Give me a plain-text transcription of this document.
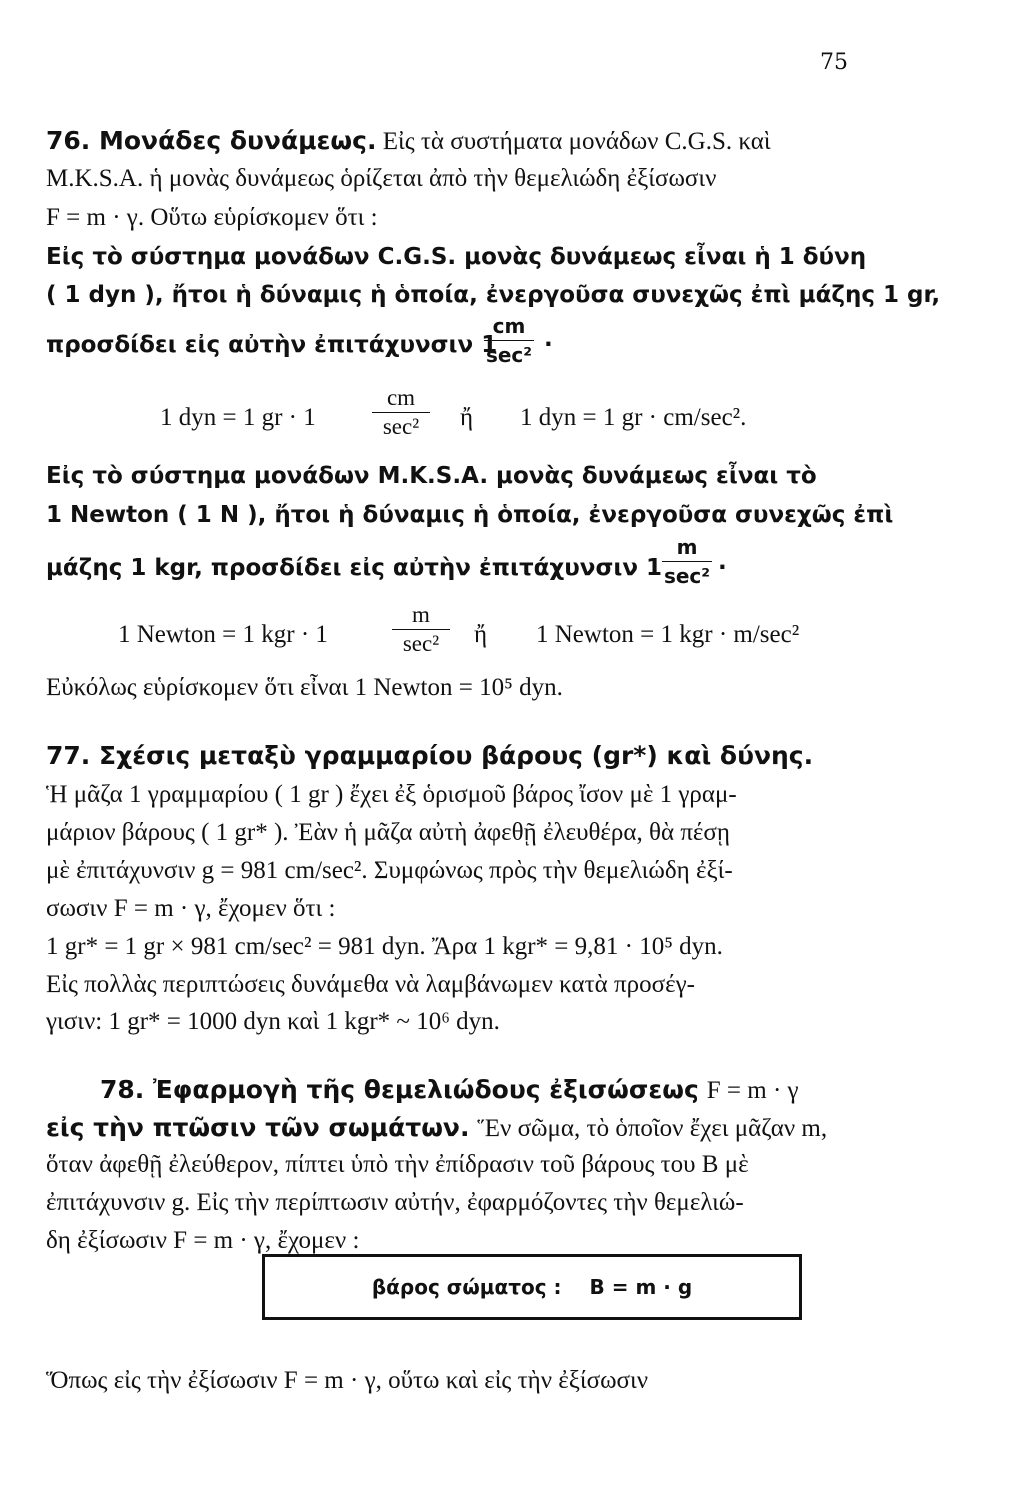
75
76. Μονάδες δυνάμεως. Εἰς τὰ συστήματα μονάδων C.G.S. καὶ
M.K.S.A. ἡ μονὰς δυνάμεως ὁρίζεται ἀπὸ τὴν θεμελιώδη ἐξίσωσιν
F = m · γ. Οὕτω εὑρίσκομεν ὅτι :
Εἰς τὸ σύστημα μονάδων C.G.S. μονὰς δυνάμεως εἶναι ἡ 1 δύνη
( 1 dyn ), ἤτοι ἡ δύναμις ἡ ὁποία, ἐνεργοῦσα συνεχῶς ἐπὶ μάζης 1 gr,
προσδίδει εἰς αὐτὴν ἐπιτάχυνσιν 1
cm
sec² ·
1 dyn = 1 gr · 1
cm
sec²	ἤ	1 dyn = 1 gr · cm/sec².
Εἰς τὸ σύστημα μονάδων M.K.S.A. μονὰς δυνάμεως εἶναι τὸ
1 Newton ( 1 N ), ἤτοι ἡ δύναμις ἡ ὁποία, ἐνεργοῦσα συνεχῶς ἐπὶ
μάζης 1 kgr, προσδίδει εἰς αὐτὴν ἐπιτάχυνσιν 1
m
sec² ·
1 Newton = 1 kgr · 1
m
sec²	ἤ	1 Newton = 1 kgr · m/sec²
Εὐκόλως εὑρίσκομεν ὅτι εἶναι 1 Newton = 10⁵ dyn.
77. Σχέσις μεταξὺ γραμμαρίου βάρους (gr*) καὶ δύνης.
Ἡ μᾶζα 1 γραμμαρίου ( 1 gr ) ἔχει ἐξ ὁρισμοῦ βάρος ἴσον μὲ 1 γραμ-
μάριον βάρους ( 1 gr* ). Ἐὰν ἡ μᾶζα αὐτὴ ἀφεθῇ ἐλευθέρα, θὰ πέσῃ
μὲ ἐπιτάχυνσιν g = 981 cm/sec². Συμφώνως πρὸς τὴν θεμελιώδη ἐξί-
σωσιν F = m · γ, ἔχομεν ὅτι :
1 gr* = 1 gr × 981 cm/sec² = 981 dyn. Ἄρα 1 kgr* = 9,81 · 10⁵ dyn.
Εἰς πολλὰς περιπτώσεις δυνάμεθα νὰ λαμβάνωμεν κατὰ προσέγ-
γισιν: 1 gr* = 1000 dyn καὶ 1 kgr* ~ 10⁶ dyn.
78. Ἐφαρμογὴ τῆς θεμελιώδους ἐξισώσεως F = m · γ
εἰς τὴν πτῶσιν τῶν σωμάτων. Ἕν σῶμα, τὸ ὁποῖον ἔχει μᾶζαν m,
ὅταν ἀφεθῇ ἐλεύθερον, πίπτει ὑπὸ τὴν ἐπίδρασιν τοῦ βάρους του B μὲ
ἐπιτάχυνσιν g. Εἰς τὴν περίπτωσιν αὐτήν, ἐφαρμόζοντες τὴν θεμελιώ-
δη ἐξίσωσιν F = m · γ, ἔχομεν :
βάρος σώματος : B = m · g
Ὅπως εἰς τὴν ἐξίσωσιν F = m · γ, οὕτω καὶ εἰς τὴν ἐξίσωσιν
